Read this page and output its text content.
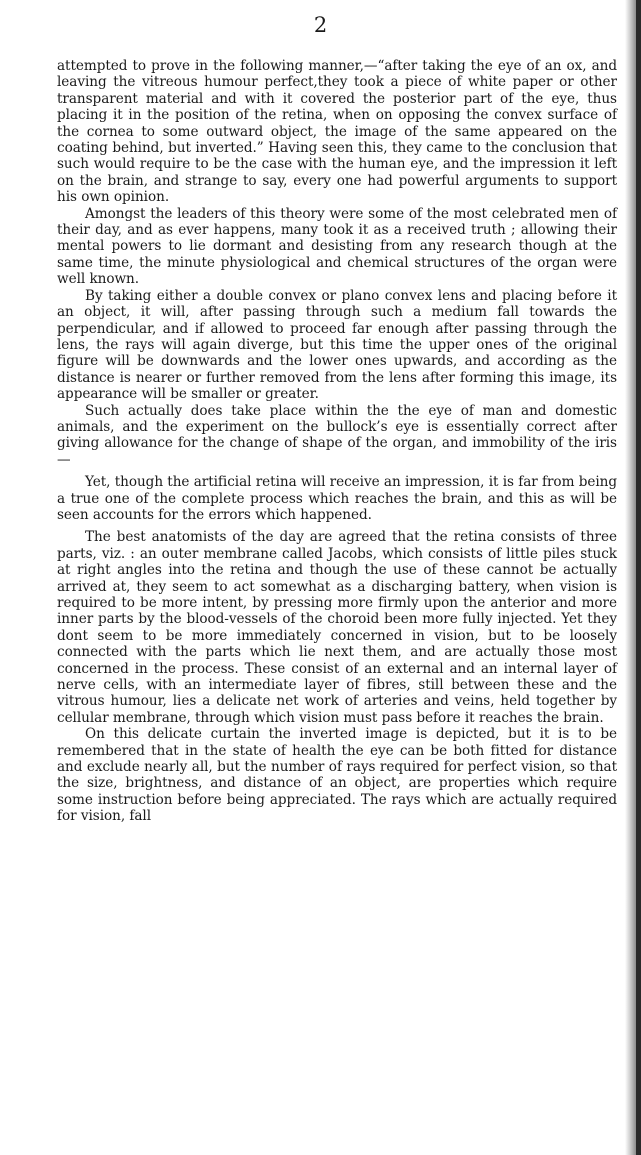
2

attempted to prove in the following manner,—“after taking the eye of an ox, and leaving the vitreous humour perfect,they took a piece of white paper or other transparent material and with it covered the posterior part of the eye, thus placing it in the position of the retina, when on opposing the convex surface of the cornea to some outward object, the image of the same appeared on the coating behind, but inverted.” Having seen this, they came to the conclusion that such would require to be the case with the human eye, and the impression it left on the brain, and strange to say, every one had powerful arguments to support his own opinion.

Amongst the leaders of this theory were some of the most celebrated men of their day, and as ever happens, many took it as a received truth ; allowing their mental powers to lie dormant and desisting from any research though at the same time, the minute physiological and chemical structures of the organ were well known.

By taking either a double convex or plano convex lens and placing before it an object, it will, after passing through such a medium fall towards the perpendicular, and if allowed to proceed far enough after passing through the lens, the rays will again diverge, but this time the upper ones of the original figure will be downwards and the lower ones upwards, and according as the distance is nearer or further removed from the lens after forming this image, its appearance will be smaller or greater.

Such actually does take place within the the eye of man and domestic animals, and the experiment on the bullock’s eye is essentially correct after giving allowance for the change of shape of the organ, and immobility of the iris—

Yet, though the artificial retina will receive an impression, it is far from being a true one of the complete process which reaches the brain, and this as will be seen accounts for the errors which happened.

The best anatomists of the day are agreed that the retina consists of three parts, viz. : an outer membrane called Jacobs, which consists of little piles stuck at right angles into the retina and though the use of these cannot be actually arrived at, they seem to act somewhat as a discharging battery, when vision is required to be more intent, by pressing more firmly upon the anterior and more inner parts by the blood-vessels of the choroid been more fully injected. Yet they dont seem to be more immediately concerned in vision, but to be loosely connected with the parts which lie next them, and are actually those most concerned in the process. These consist of an external and an internal layer of nerve cells, with an intermediate layer of fibres, still between these and the vitrous humour, lies a delicate net work of arteries and veins, held together by cellular membrane, through which vision must pass before it reaches the brain.

On this delicate curtain the inverted image is depicted, but it is to be remembered that in the state of health the eye can be both fitted for distance and exclude nearly all, but the number of rays required for perfect vision, so that the size, brightness, and distance of an object, are properties which require some instruction before being appreciated. The rays which are actually required for vision, fall
